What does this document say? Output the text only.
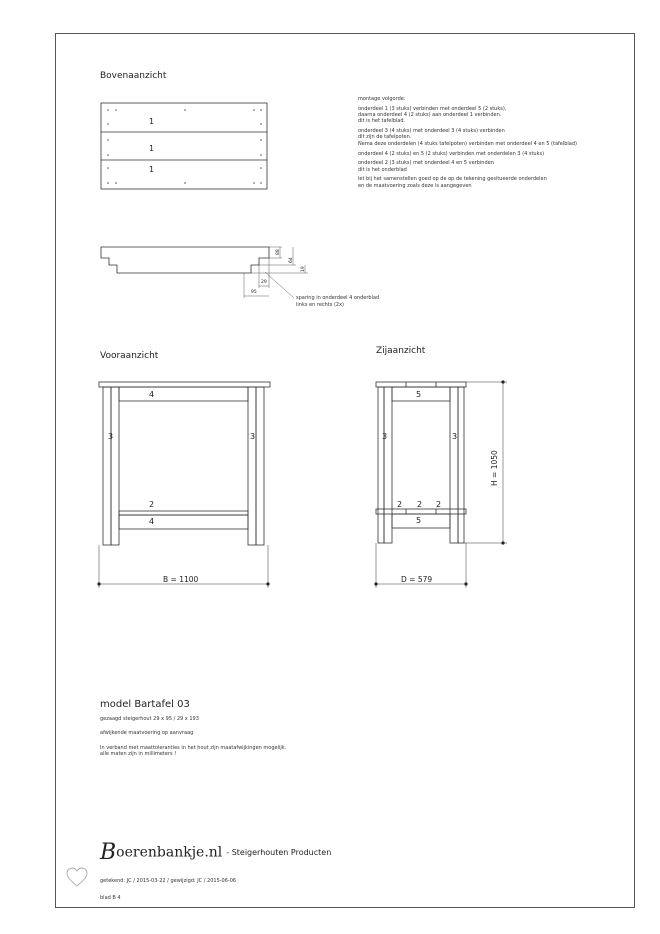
Bovenaanzicht
Vooraanzicht	Zijaanzicht
1
1
1
88
64
19
29
95
sparing in onderdeel 4 onderblad
links en rechts (2x)
4
3	3
2
4
B = 1100
5
3	3
2 2 2
5
D = 579
H = 1050
montage volgorde:
onderdeel 1 (3 stuks) verbinden met onderdeel 5 (2 stuks),
daarna onderdeel 4 (2 stuks) aan onderdeel 1 verbinden.
dit is het tafelblad.
onderdeel 3 (4 stuks) met onderdeel 3 (4 stuks) verbinden
dit zijn de tafelpoten.
Nema deze onderdelen (4 stuks tafelpoten) verbinden met onderdeel 4 en 5 (tafelblad)
onderdeel 4 (2 stuks) en 5 (2 stuks) verbinden met onderdelen 3 (4 stuks)
onderdeel 2 (3 stuks) met onderdeel 4 en 5 verbinden
dit is het onderblad
let bij het samenstellen goed op de op de tekening gesitueerde onderdelen
en de maatvoering zoals deze is aangegeven
model Bartafel 03
gezaagd steigerhout 29 x 95 / 29 x 193
afwijkende maatvoering op aanvraag
In verband met maattoleranties in het hout zijn maatafwijkingen mogelijk.
alle maten zijn in millimeters !
Boerenbankje.nl - Steigerhouten Producten
getekend: JC / 2015-03-22 / gewijzigd: JC / 2015-06-06
blad B 4
